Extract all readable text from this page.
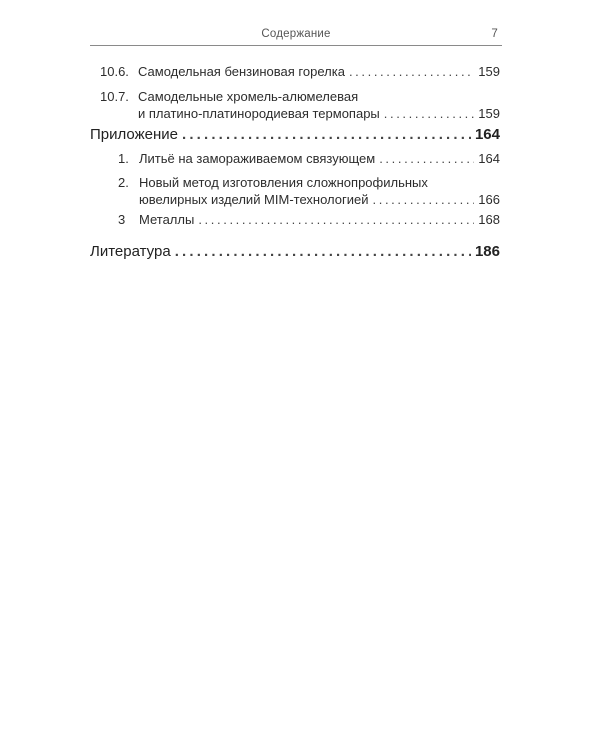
Содержание	7
10.6. Самодельная бензиновая горелка . . .	159
10.7. Самодельные хромель-алюмелевая
и платино-платинородиевая термопары . . .	159
Приложение . . .	164
1. Литьё на замораживаемом связующем . . .	164
2. Новый метод изготовления сложнопрофильных
ювелирных изделий MIM-технологией . . .	166
3 Металлы . . .	168
Литература . . .	186
